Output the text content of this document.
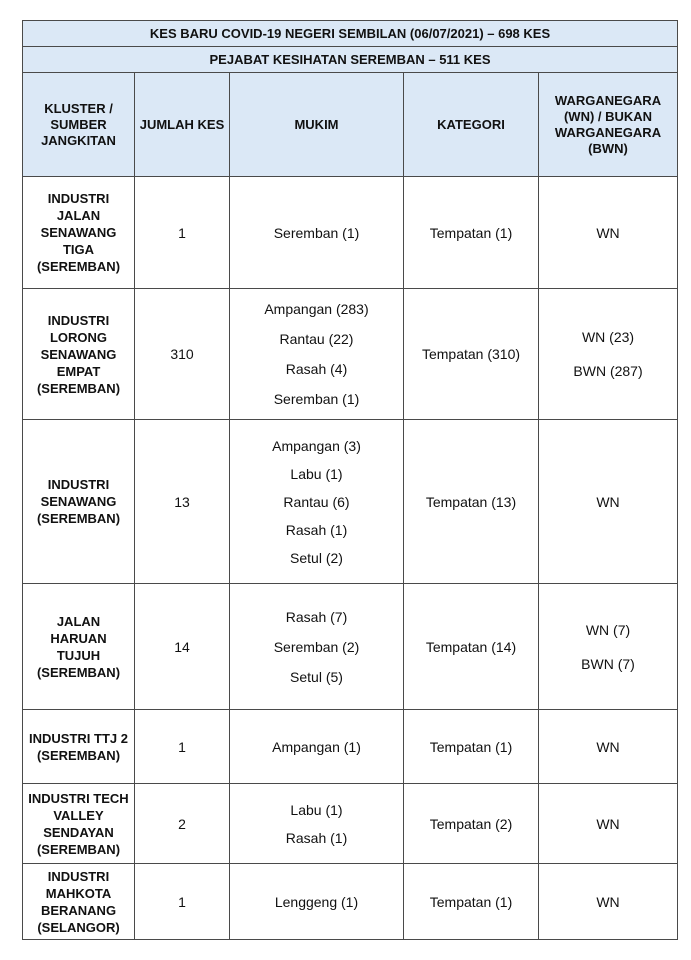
KES BARU COVID-19 NEGERI SEMBILAN (06/07/2021) – 698 KES				
PEJABAT KESIHATAN SEREMBAN – 511 KES				
KLUSTER / SUMBER JANGKITAN	JUMLAH KES	MUKIM	KATEGORI	WARGANEGARA (WN) / BUKAN WARGANEGARA (BWN)
INDUSTRI JALAN SENAWANG TIGA (SEREMBAN)	1	Seremban (1)	Tempatan (1)	WN

INDUSTRI LORONG SENAWANG EMPAT (SEREMBAN)	310	Ampangan (283)
Rantau (22)
Rasah (4)
Seremban (1)	Tempatan (310)	WN (23)
BWN (287)

INDUSTRI SENAWANG (SEREMBAN)	13	Ampangan (3)
Labu (1)
Rantau (6)
Rasah (1)
Setul (2)	Tempatan (13)	WN

JALAN HARUAN TUJUH (SEREMBAN)	14	Rasah (7)
Seremban (2)
Setul (5)	Tempatan (14)	WN (7)
BWN (7)

INDUSTRI TTJ 2 (SEREMBAN)	1	Ampangan (1)	Tempatan (1)	WN

INDUSTRI TECH VALLEY SENDAYAN (SEREMBAN)	2	Labu (1)
Rasah (1)	Tempatan (2)	WN

INDUSTRI MAHKOTA BERANANG (SELANGOR)	1	Lenggeng (1)	Tempatan (1)	WN
